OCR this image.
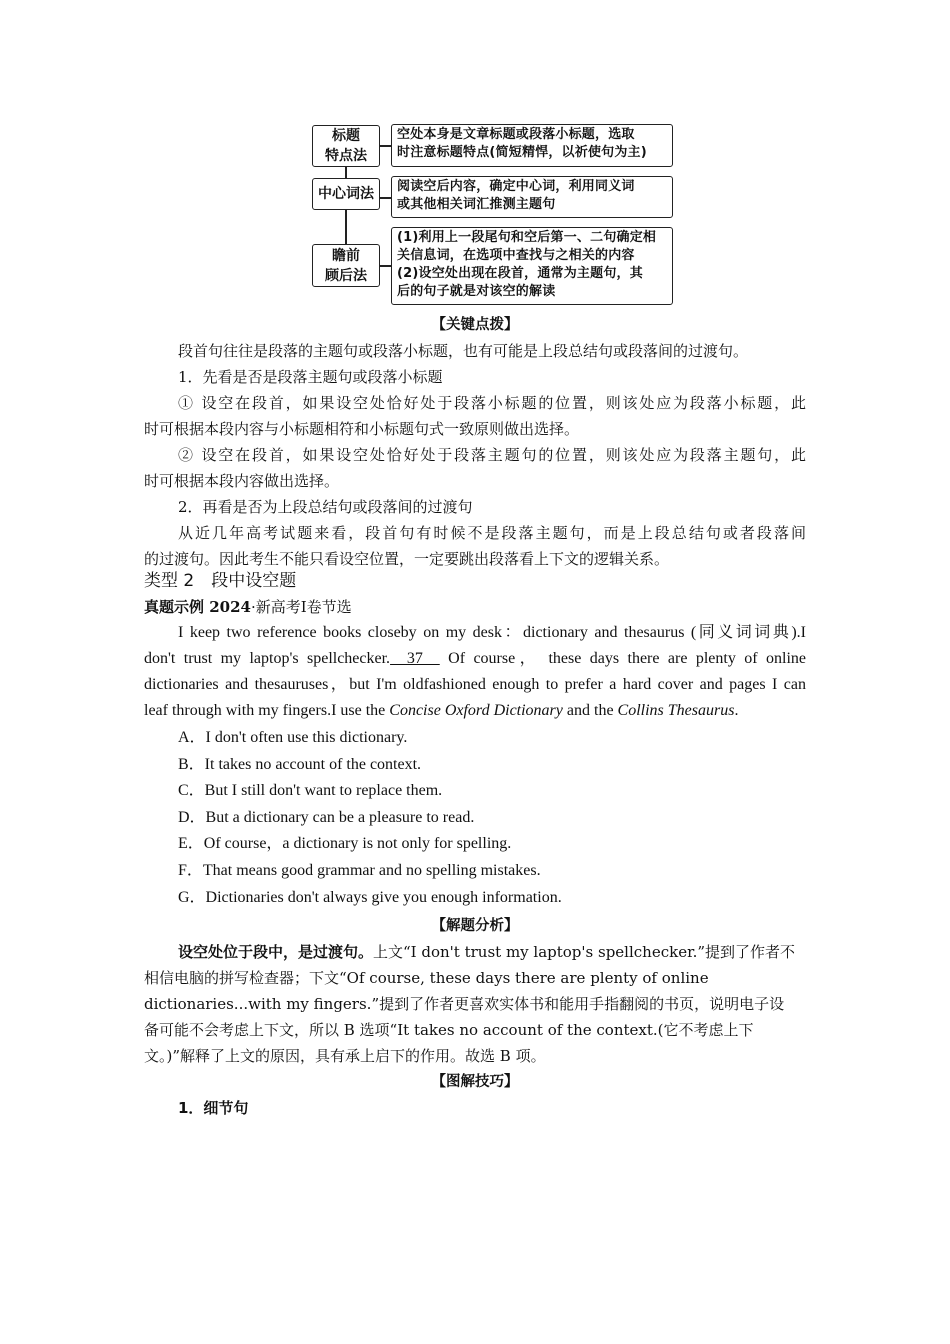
标题
特点法
空处本身是文章标题或段落小标题，选取
时注意标题特点(简短精悍，以祈使句为主)
中心词法 阅读空后内容，确定中心词，利用同义词
或其他相关词汇推测主题句
瞻前
顾后法
(1)利用上一段尾句和空后第一、二句确定相
关信息词，在选项中查找与之相关的内容
(2)设空处出现在段首，通常为主题句，其
后的句子就是对该空的解读
【关键点拨】
段首句往往是段落的主题句或段落小标题，也有可能是上段总结句或段落间的过渡句。
1．先看是否是段落主题句或段落小标题
① 设空在段首，如果设空处恰好处于段落小标题的位置，则该处应为段落小标题，此
时可根据本段内容与小标题相符和小标题句式一致原则做出选择。
② 设空在段首，如果设空处恰好处于段落主题句的位置，则该处应为段落主题句，此
时可根据本段内容做出选择。
2．再看是否为上段总结句或段落间的过渡句
从近几年高考试题来看，段首句有时候不是段落主题句，而是上段总结句或者段落间
的过渡句。因此考生不能只看设空位置，一定要跳出段落看上下文的逻辑关系。
类型 2　段中设空题
真题示例 2024·新高考Ⅰ卷节选
I keep two reference books closeby on my desk：dictionary and thesaurus (同义词词典).I
don't trust my laptop's spellchecker.  37   Of course， these days there are plenty of online
dictionaries and thesauruses，but I'm oldfashioned enough to prefer a hard cover and pages I can
leaf through with my fingers.I use the Concise Oxford Dictionary and the Collins Thesaurus.
A．I don't often use this dictionary.
B．It takes no account of the context.
C．But I still don't want to replace them.
D．But a dictionary can be a pleasure to read.
E．Of course，a dictionary is not only for spelling.
F．That means good grammar and no spelling mistakes.
G．Dictionaries don't always give you enough information.
【解题分析】
设空处位于段中，是过渡句。上文“I don't trust my laptop's spellchecker.”提到了作者不
相信电脑的拼写检查器；下文“Of course, these days there are plenty of online
dictionaries...with my fingers.”提到了作者更喜欢实体书和能用手指翻阅的书页，说明电子设
备可能不会考虑上下文，所以 B 选项“It takes no account of the context.(它不考虑上下
文。)”解释了上文的原因，具有承上启下的作用。故选 B 项。
【图解技巧】
1．细节句
